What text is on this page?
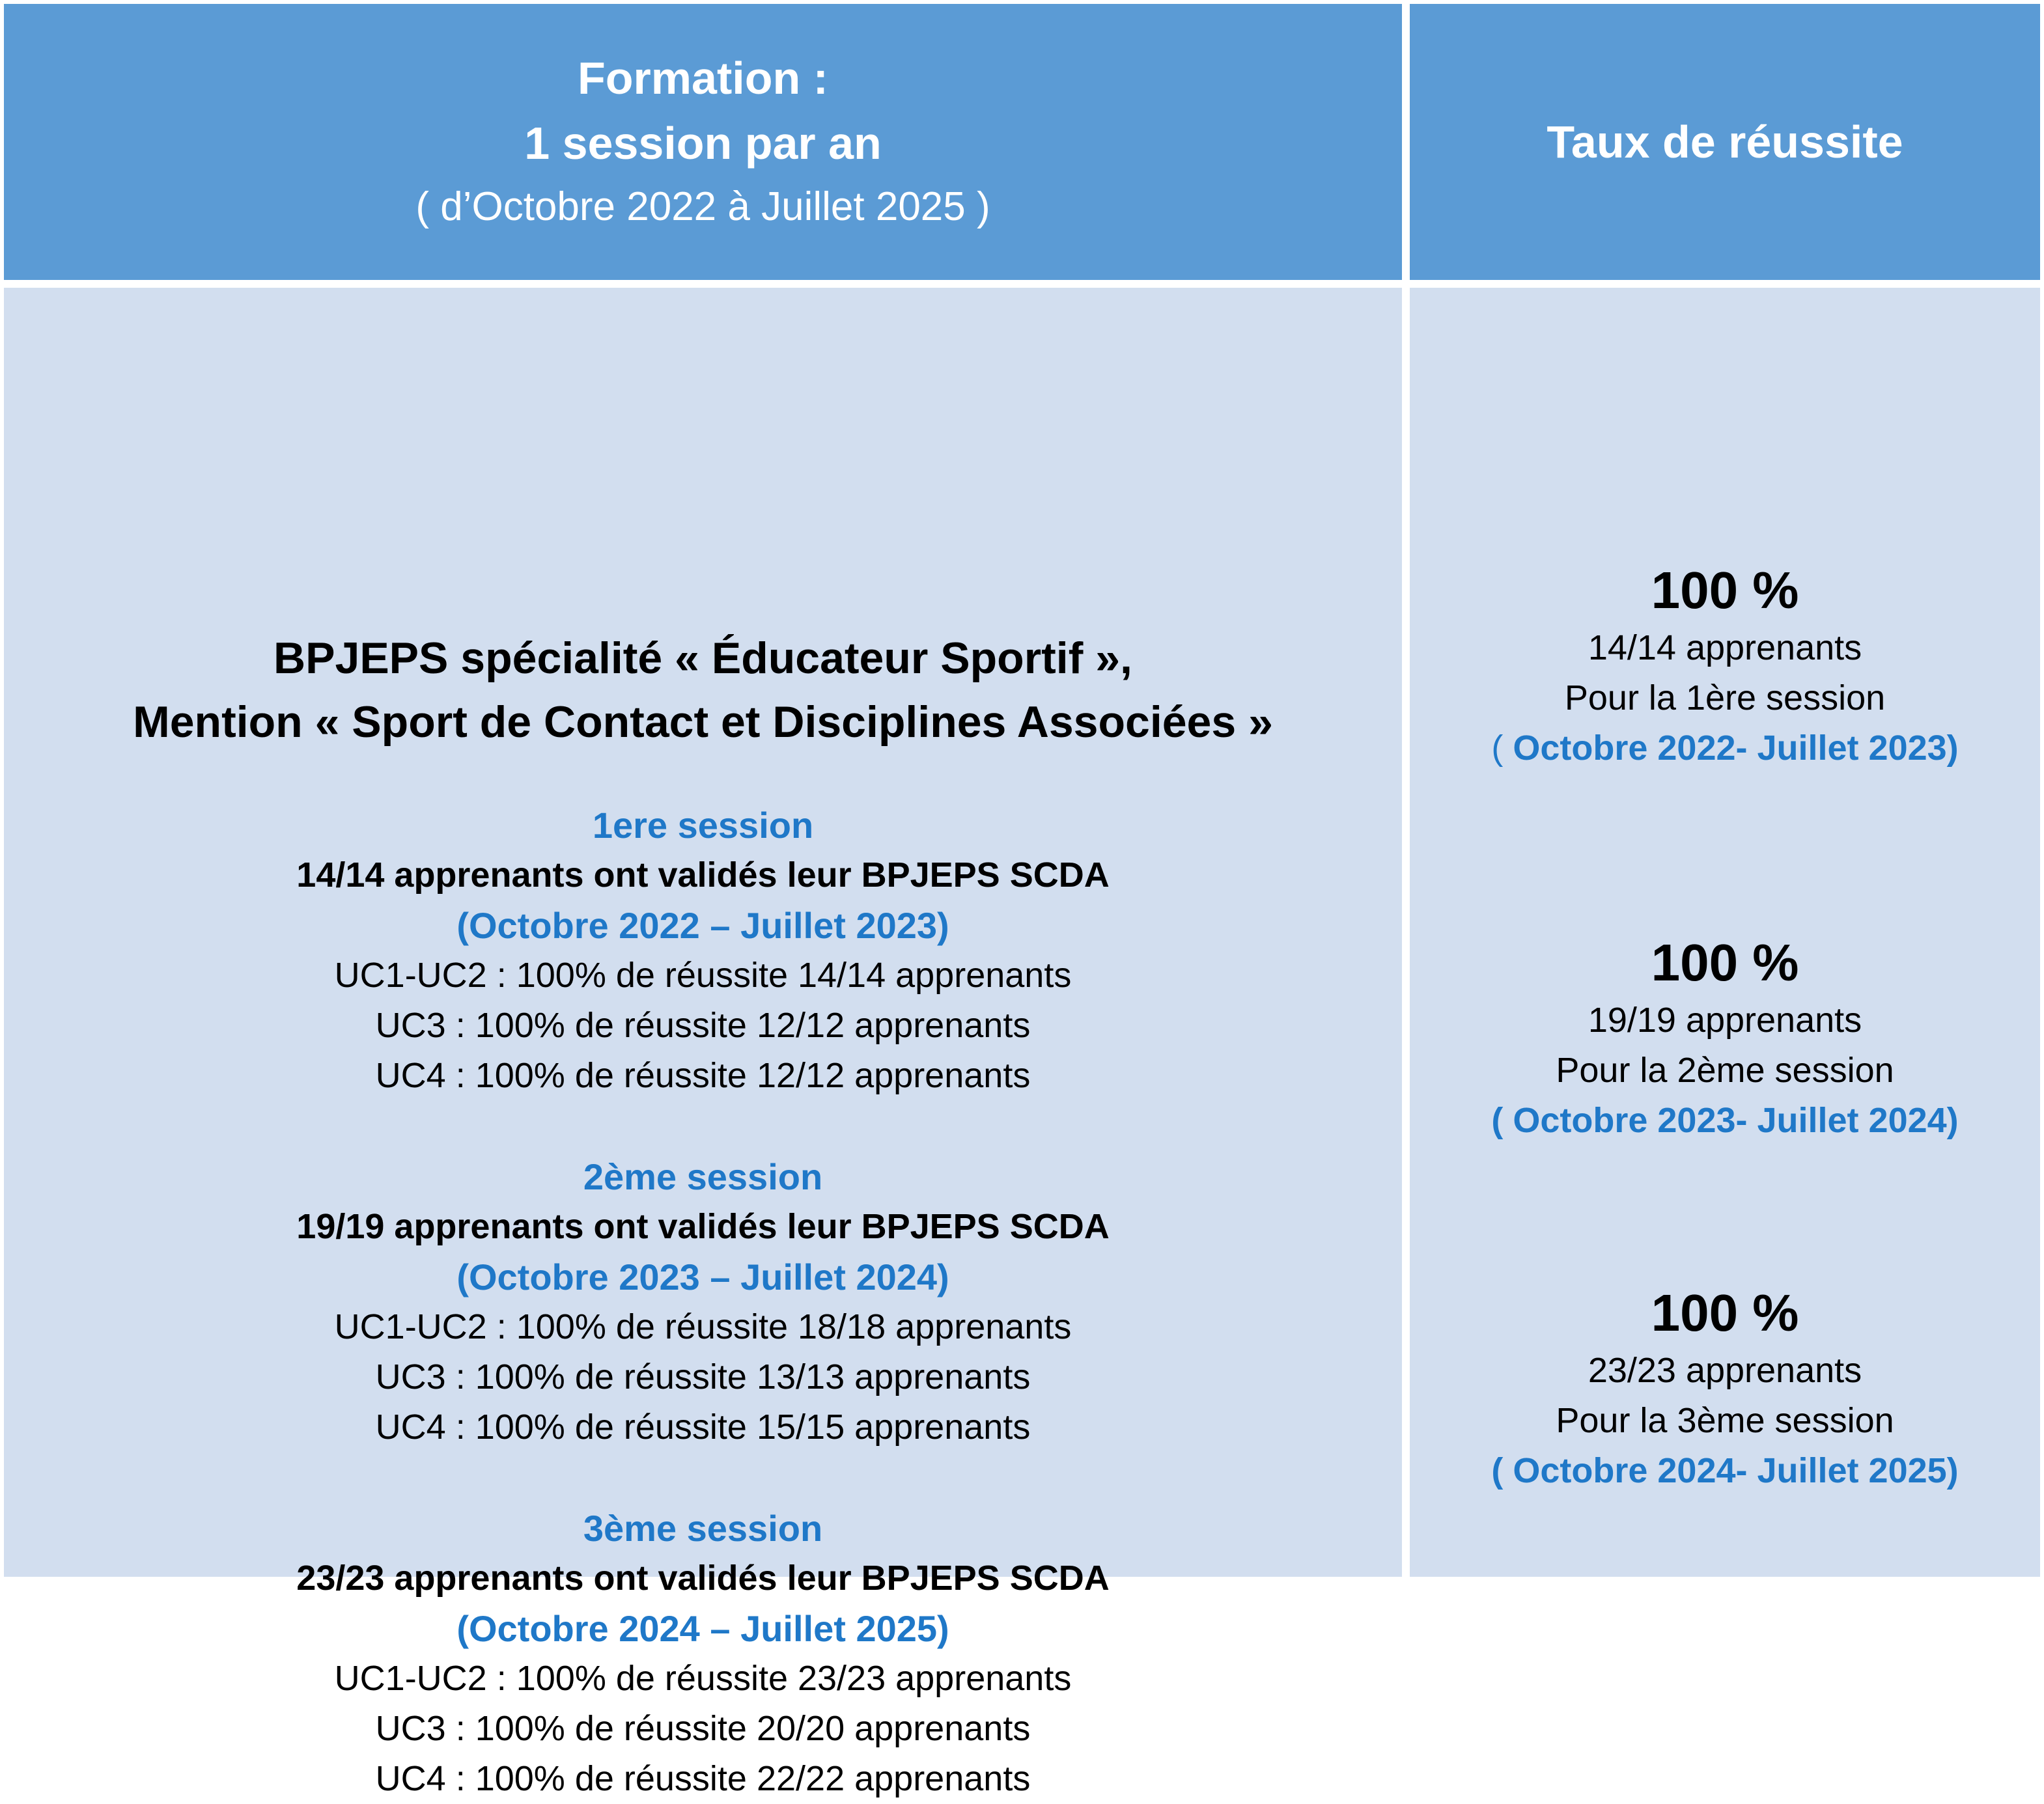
Formation :
1 session par an
( d’Octobre 2022 à Juillet 2025 )
Taux de réussite
BPJEPS spécialité « Éducateur Sportif »,
Mention « Sport de Contact et Disciplines Associées »
1ere session
14/14 apprenants ont validés leur BPJEPS SCDA
(Octobre 2022 – Juillet 2023)
UC1-UC2 : 100% de réussite 14/14 apprenants
UC3 : 100% de réussite 12/12 apprenants
UC4 : 100% de réussite 12/12 apprenants
2ème session
19/19 apprenants ont validés leur BPJEPS SCDA
(Octobre 2023 – Juillet 2024)
UC1-UC2 : 100% de réussite 18/18 apprenants
UC3 : 100% de réussite 13/13 apprenants
UC4 : 100% de réussite 15/15 apprenants
3ème session
23/23 apprenants ont validés leur BPJEPS SCDA
(Octobre 2024 – Juillet 2025)
UC1-UC2 : 100% de réussite 23/23 apprenants
UC3 : 100% de réussite 20/20 apprenants
UC4 : 100% de réussite 22/22 apprenants
100 %
14/14 apprenants
Pour la 1ère session
( Octobre 2022- Juillet 2023)
100 %
19/19 apprenants
Pour la 2ème session
( Octobre 2023- Juillet 2024)
100 %
23/23 apprenants
Pour la 3ème session
( Octobre 2024- Juillet 2025)
